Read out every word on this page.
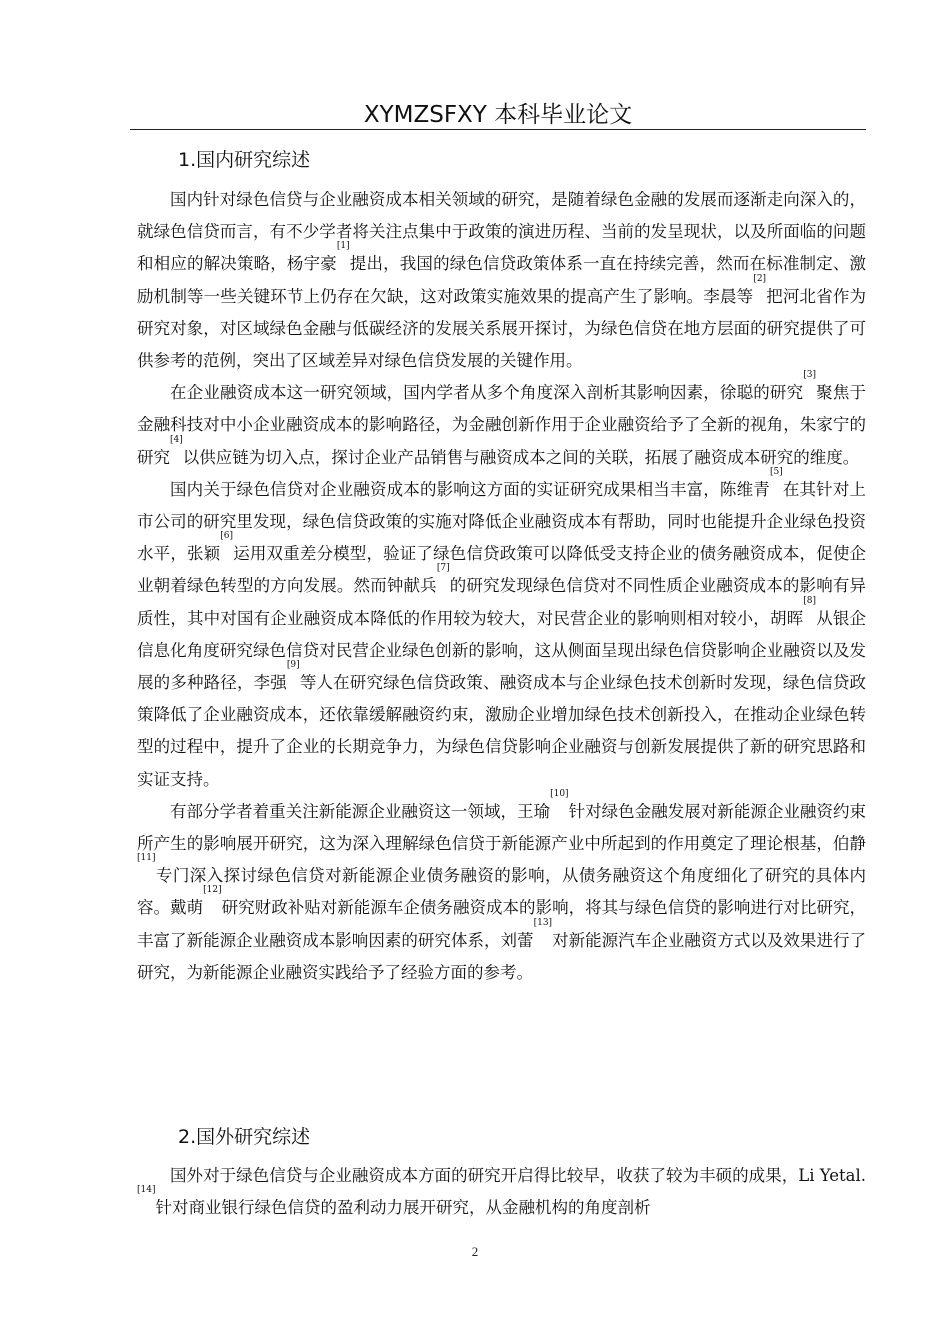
XYMZSFXY 本科毕业论文
1.国内研究综述

国内针对绿色信贷与企业融资成本相关领域的研究，是随着绿色金融的发展而逐渐走向深入的，就绿色信贷而言，有不少学者将关注点集中于政策的演进历程、当前的发呈现状，以及所面临的问题和相应的解决策略，杨宇豪[1]提出，我国的绿色信贷政策体系一直在持续完善，然而在标准制定、激励机制等一些关键环节上仍存在欠缺，这对政策实施效果的提高产生了影响。李晨等[2]把河北省作为研究对象，对区域绿色金融与低碳经济的发展关系展开探讨，为绿色信贷在地方层面的研究提供了可供参考的范例，突出了区域差异对绿色信贷发展的关键作用。

在企业融资成本这一研究领域，国内学者从多个角度深入剖析其影响因素，徐聪的研究[3]聚焦于金融科技对中小企业融资成本的影响路径，为金融创新作用于企业融资给予了全新的视角，朱家宁的研究[4]以供应链为切入点，探讨企业产品销售与融资成本之间的关联，拓展了融资成本研究的维度。

国内关于绿色信贷对企业融资成本的影响这方面的实证研究成果相当丰富，陈维青[5]在其针对上市公司的研究里发现，绿色信贷政策的实施对降低企业融资成本有帮助，同时也能提升企业绿色投资水平，张颖[6]运用双重差分模型，验证了绿色信贷政策可以降低受支持企业的债务融资成本，促使企业朝着绿色转型的方向发展。然而钟献兵[7]的研究发现绿色信贷对不同性质企业融资成本的影响有异质性，其中对国有企业融资成本降低的作用较为较大，对民营企业的影响则相对较小，胡晖[8]从银企信息化角度研究绿色信贷对民营企业绿色创新的影响，这从侧面呈现出绿色信贷影响企业融资以及发展的多种路径，李强[9]等人在研究绿色信贷政策、融资成本与企业绿色技术创新时发现，绿色信贷政策降低了企业融资成本，还依靠缓解融资约束，激励企业增加绿色技术创新投入，在推动企业绿色转型的过程中，提升了企业的长期竞争力，为绿色信贷影响企业融资与创新发展提供了新的研究思路和实证支持。

有部分学者着重关注新能源企业融资这一领域，王瑜[10]针对绿色金融发展对新能源企业融资约束所产生的影响展开研究，这为深入理解绿色信贷于新能源产业中所起到的作用奠定了理论根基，伯静[11]专门深入探讨绿色信贷对新能源企业债务融资的影响，从债务融资这个角度细化了研究的具体内容。戴萌[12]研究财政补贴对新能源车企债务融资成本的影响，将其与绿色信贷的影响进行对比研究，丰富了新能源企业融资成本影响因素的研究体系，刘蕾[13]对新能源汽车企业融资方式以及效果进行了研究，为新能源企业融资实践给予了经验方面的参考。

2.国外研究综述

国外对于绿色信贷与企业融资成本方面的研究开启得比较早，收获了较为丰硕的成果，Li Yetal.[14]针对商业银行绿色信贷的盈利动力展开研究，从金融机构的角度剖析

2
